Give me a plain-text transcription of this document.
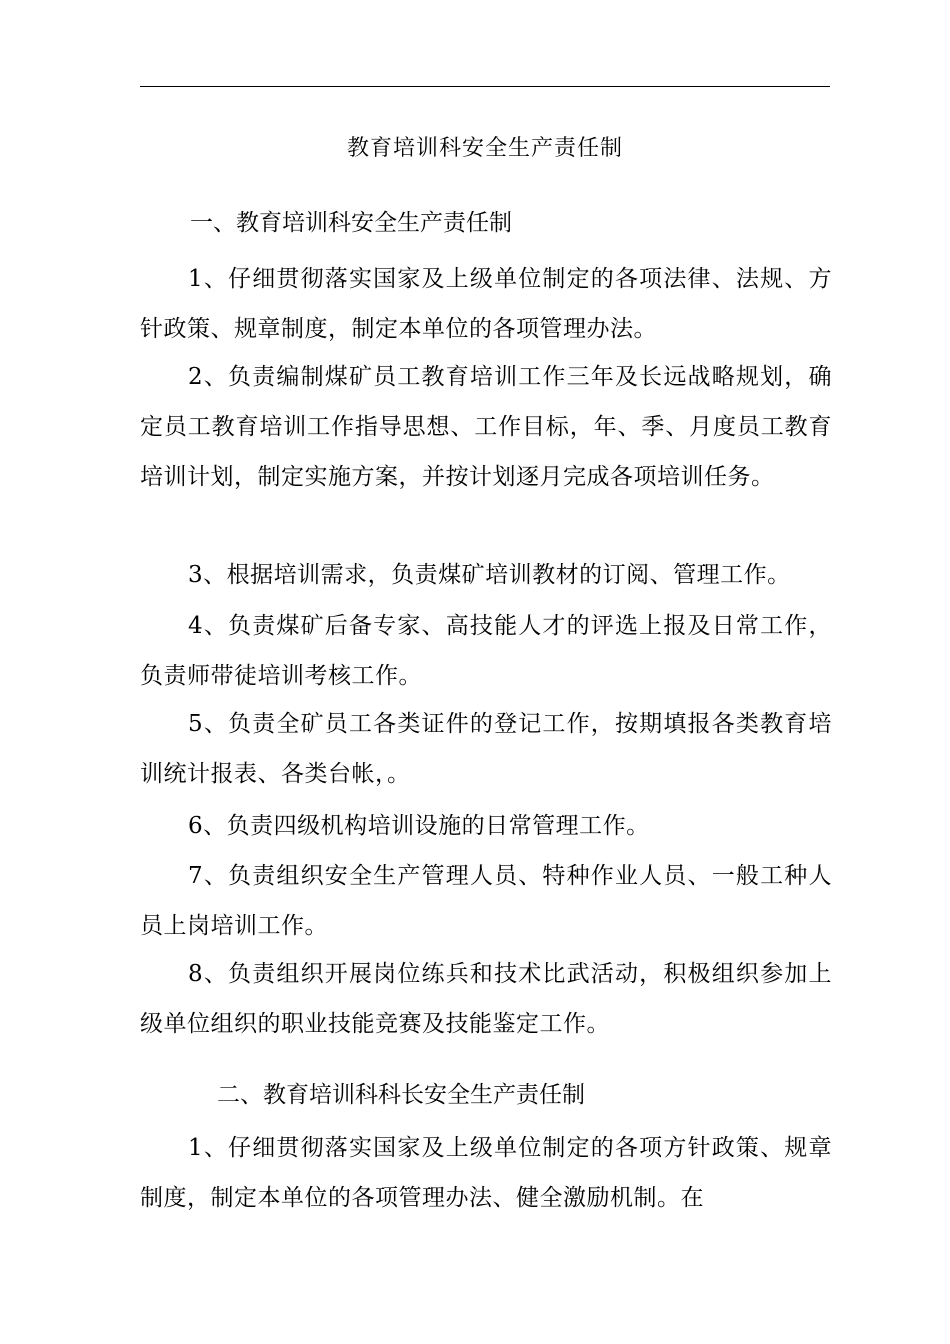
教育培训科安全生产责任制
一、教育培训科安全生产责任制

1、仔细贯彻落实国家及上级单位制定的各项法律、法规、方针政策、规章制度，制定本单位的各项管理办法。

2、负责编制煤矿员工教育培训工作三年及长远战略规划，确定员工教育培训工作指导思想、工作目标，年、季、月度员工教育培训计划，制定实施方案，并按计划逐月完成各项培训任务。

3、根据培训需求，负责煤矿培训教材的订阅、管理工作。

4、负责煤矿后备专家、高技能人才的评选上报及日常工作，负责师带徒培训考核工作。

5、负责全矿员工各类证件的登记工作，按期填报各类教育培训统计报表、各类台帐，。

6、负责四级机构培训设施的日常管理工作。

7、负责组织安全生产管理人员、特种作业人员、一般工种人员上岗培训工作。

8、负责组织开展岗位练兵和技术比武活动，积极组织参加上级单位组织的职业技能竞赛及技能鉴定工作。

二、教育培训科科长安全生产责任制

1、仔细贯彻落实国家及上级单位制定的各项方针政策、规章制度，制定本单位的各项管理办法、健全激励机制。在
